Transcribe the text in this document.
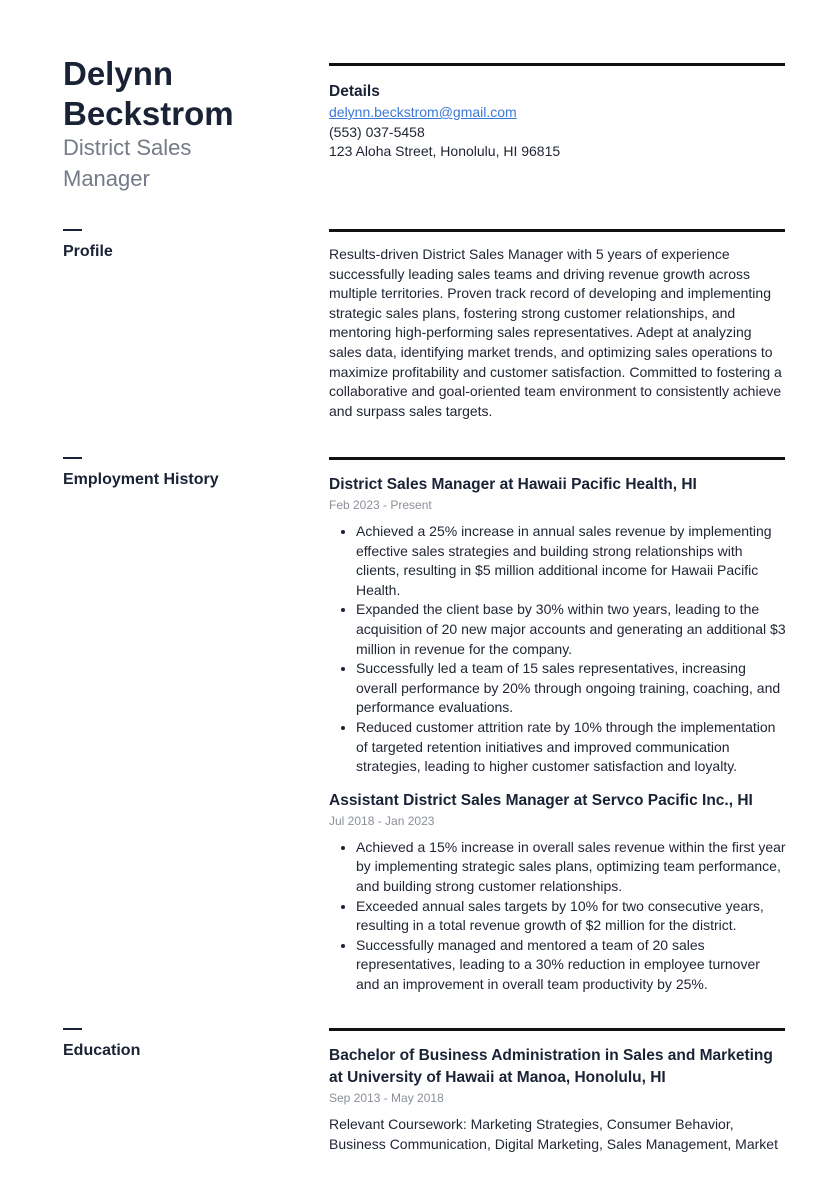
Delynn Beckstrom
District Sales Manager
Details
delynn.beckstrom@gmail.com
(553) 037-5458
123 Aloha Street, Honolulu, HI 96815
Profile	Results-driven District Sales Manager with 5 years of experience successfully leading sales teams and driving revenue growth across multiple territories. Proven track record of developing and implementing strategic sales plans, fostering strong customer relationships, and mentoring high-performing sales representatives. Adept at analyzing sales data, identifying market trends, and optimizing sales operations to maximize profitability and customer satisfaction. Committed to fostering a collaborative and goal-oriented team environment to consistently achieve and surpass sales targets.

Employment History	District Sales Manager at Hawaii Pacific Health, HI
Feb 2023 - Present
• Achieved a 25% increase in annual sales revenue by implementing effective sales strategies and building strong relationships with clients, resulting in $5 million additional income for Hawaii Pacific Health.
• Expanded the client base by 30% within two years, leading to the acquisition of 20 new major accounts and generating an additional $3 million in revenue for the company.
• Successfully led a team of 15 sales representatives, increasing overall performance by 20% through ongoing training, coaching, and performance evaluations.
• Reduced customer attrition rate by 10% through the implementation of targeted retention initiatives and improved communication strategies, leading to higher customer satisfaction and loyalty.
Assistant District Sales Manager at Servco Pacific Inc., HI
Jul 2018 - Jan 2023
• Achieved a 15% increase in overall sales revenue within the first year by implementing strategic sales plans, optimizing team performance, and building strong customer relationships.
• Exceeded annual sales targets by 10% for two consecutive years, resulting in a total revenue growth of $2 million for the district.
• Successfully managed and mentored a team of 20 sales representatives, leading to a 30% reduction in employee turnover and an improvement in overall team productivity by 25%.
Education	Bachelor of Business Administration in Sales and Marketing at University of Hawaii at Manoa, Honolulu, HI
Sep 2013 - May 2018

Relevant Coursework: Marketing Strategies, Consumer Behavior, Business Communication, Digital Marketing, Sales Management, Market
